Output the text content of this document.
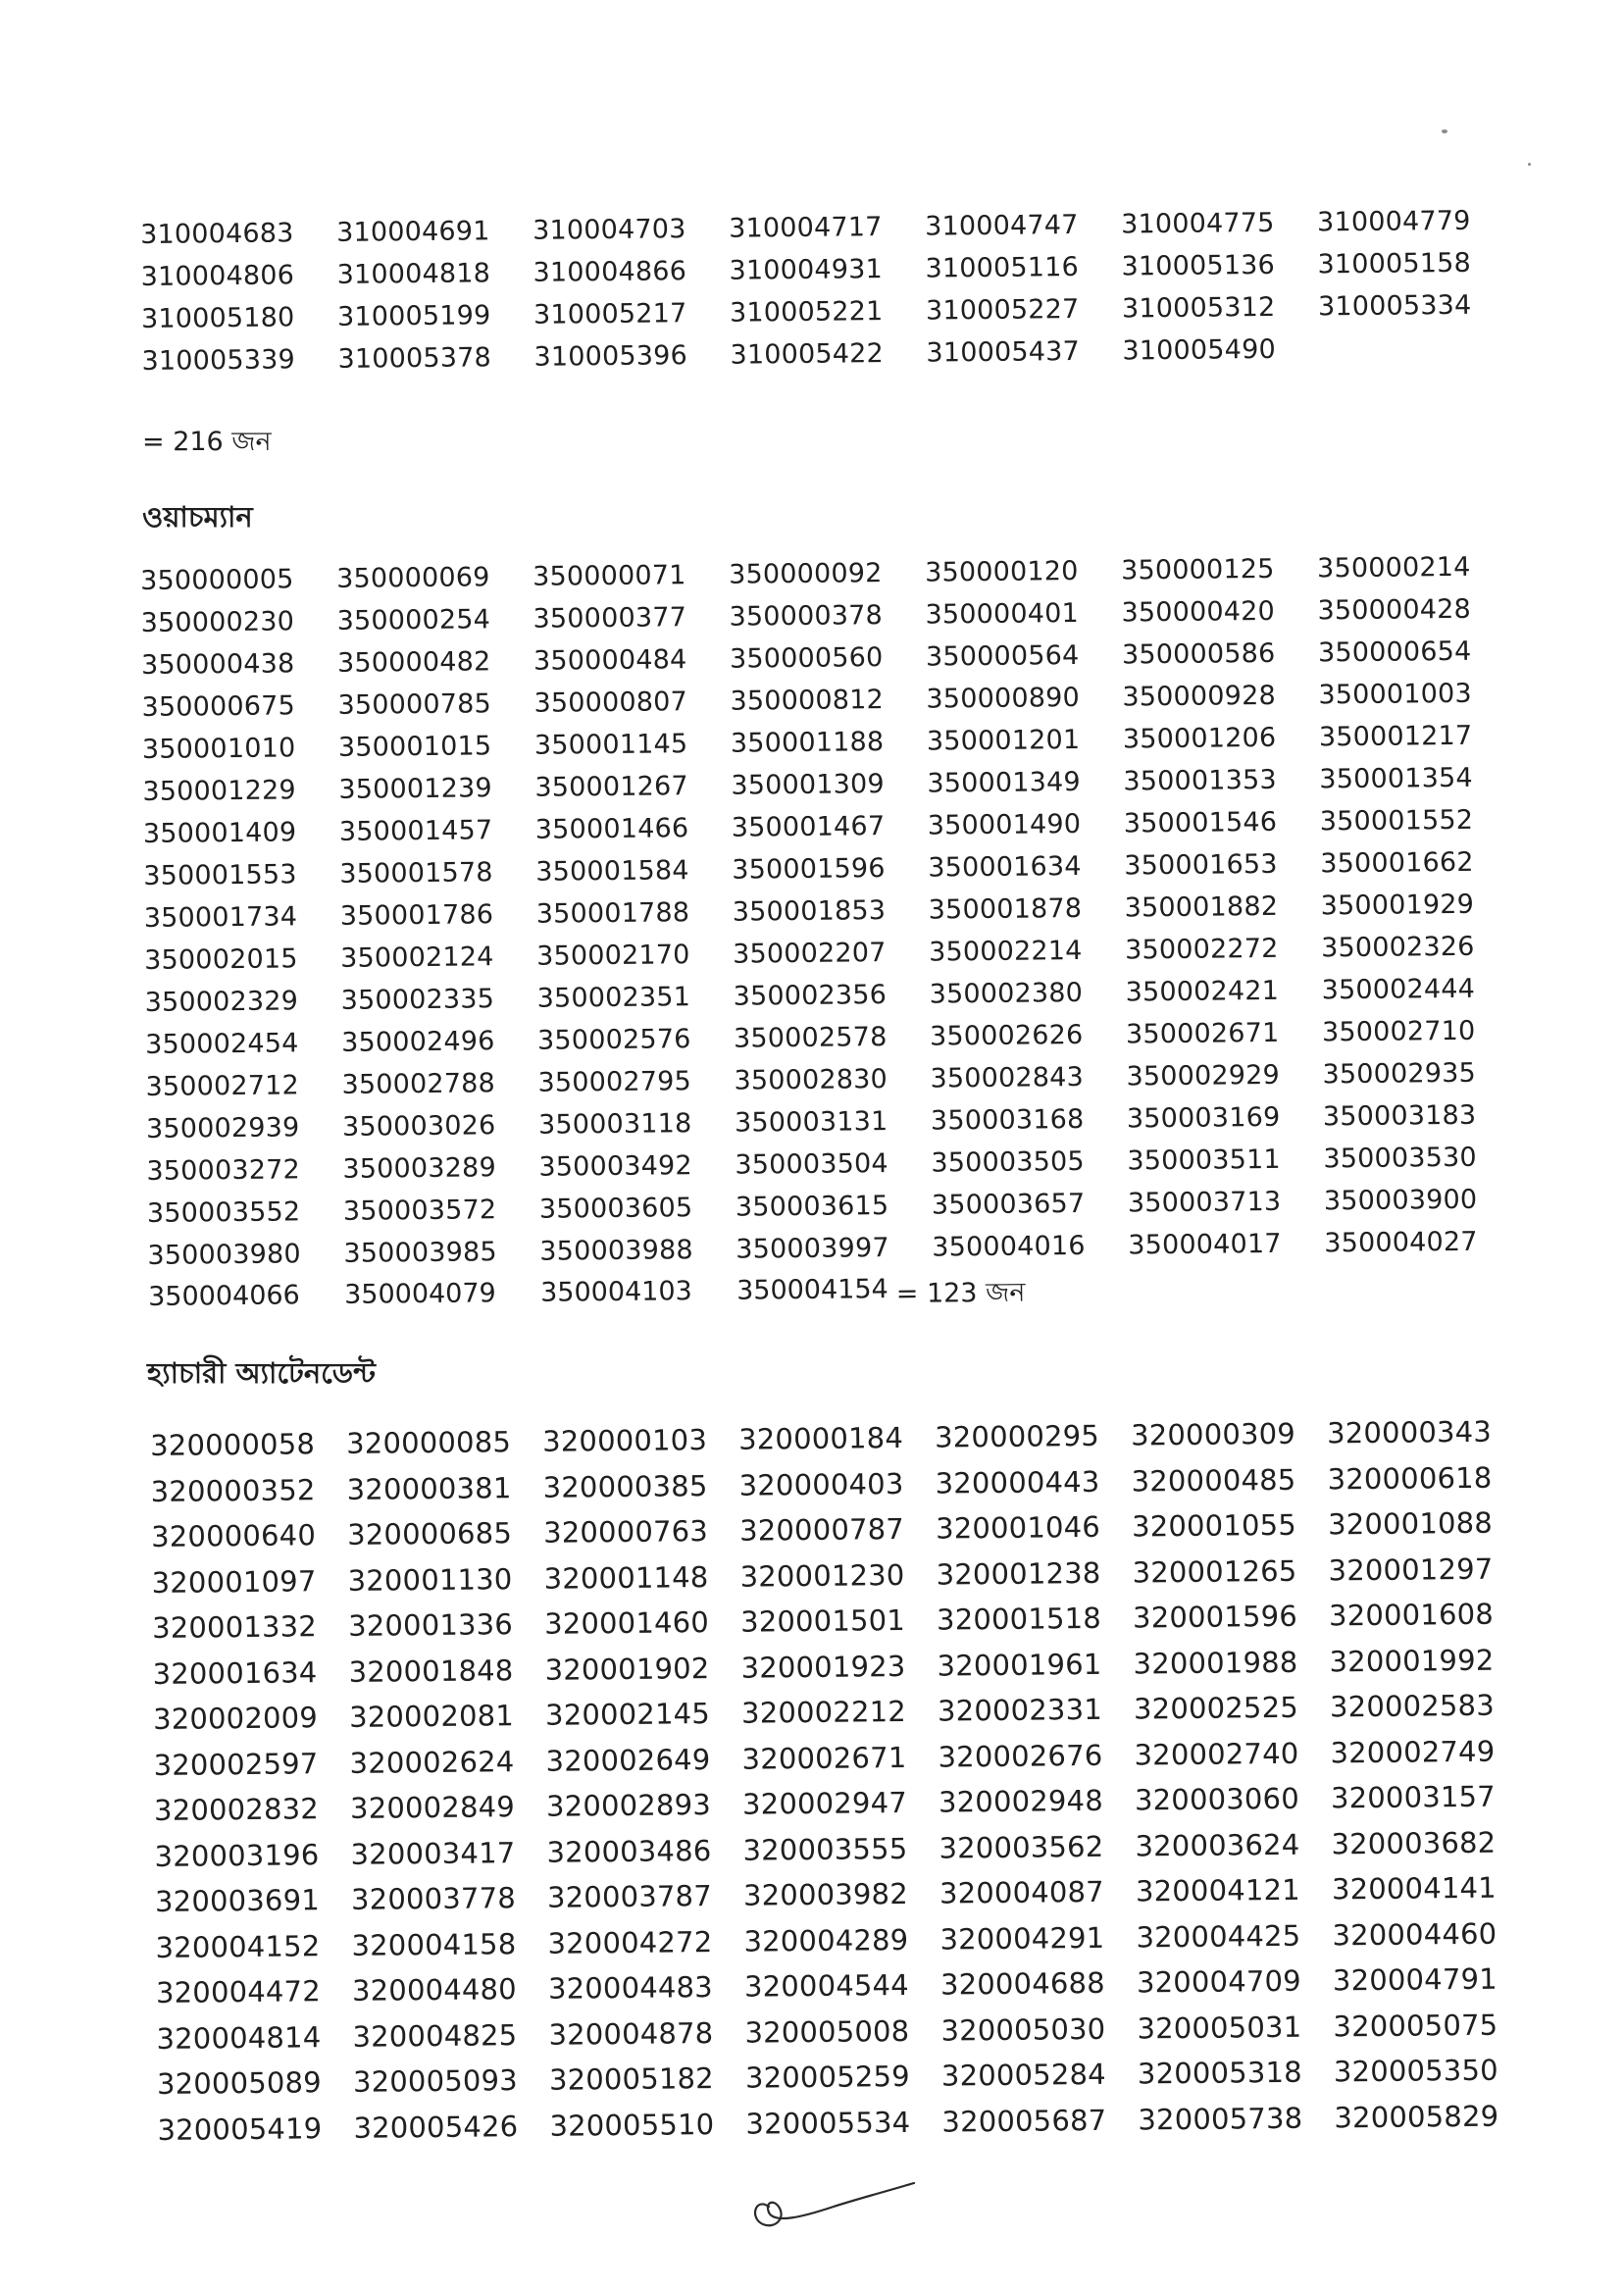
310004683	310004691	310004703	310004717	310004747	310004775	310004779
310004806	310004818	310004866	310004931	310005116	310005136	310005158
310005180	310005199	310005217	310005221	310005227	310005312	310005334
310005339	310005378	310005396	310005422	310005437	310005490
= 216 জন
ওয়াচম্যান
350000005	350000069	350000071	350000092	350000120	350000125	350000214
350000230	350000254	350000377	350000378	350000401	350000420	350000428
350000438	350000482	350000484	350000560	350000564	350000586	350000654
350000675	350000785	350000807	350000812	350000890	350000928	350001003
350001010	350001015	350001145	350001188	350001201	350001206	350001217
350001229	350001239	350001267	350001309	350001349	350001353	350001354
350001409	350001457	350001466	350001467	350001490	350001546	350001552
350001553	350001578	350001584	350001596	350001634	350001653	350001662
350001734	350001786	350001788	350001853	350001878	350001882	350001929
350002015	350002124	350002170	350002207	350002214	350002272	350002326
350002329	350002335	350002351	350002356	350002380	350002421	350002444
350002454	350002496	350002576	350002578	350002626	350002671	350002710
350002712	350002788	350002795	350002830	350002843	350002929	350002935
350002939	350003026	350003118	350003131	350003168	350003169	350003183
350003272	350003289	350003492	350003504	350003505	350003511	350003530
350003552	350003572	350003605	350003615	350003657	350003713	350003900
350003980	350003985	350003988	350003997	350004016	350004017	350004027
350004066	350004079	350004103	350004154 = 123 জন
হ্যাচারী অ্যাটেনডেন্ট
320000058	320000085	320000103	320000184	320000295	320000309	320000343
320000352	320000381	320000385	320000403	320000443	320000485	320000618
320000640	320000685	320000763	320000787	320001046	320001055	320001088
320001097	320001130	320001148	320001230	320001238	320001265	320001297
320001332	320001336	320001460	320001501	320001518	320001596	320001608
320001634	320001848	320001902	320001923	320001961	320001988	320001992
320002009	320002081	320002145	320002212	320002331	320002525	320002583
320002597	320002624	320002649	320002671	320002676	320002740	320002749
320002832	320002849	320002893	320002947	320002948	320003060	320003157
320003196	320003417	320003486	320003555	320003562	320003624	320003682
320003691	320003778	320003787	320003982	320004087	320004121	320004141
320004152	320004158	320004272	320004289	320004291	320004425	320004460
320004472	320004480	320004483	320004544	320004688	320004709	320004791
320004814	320004825	320004878	320005008	320005030	320005031	320005075
320005089	320005093	320005182	320005259	320005284	320005318	320005350
320005419	320005426	320005510	320005534	320005687	320005738	320005829
